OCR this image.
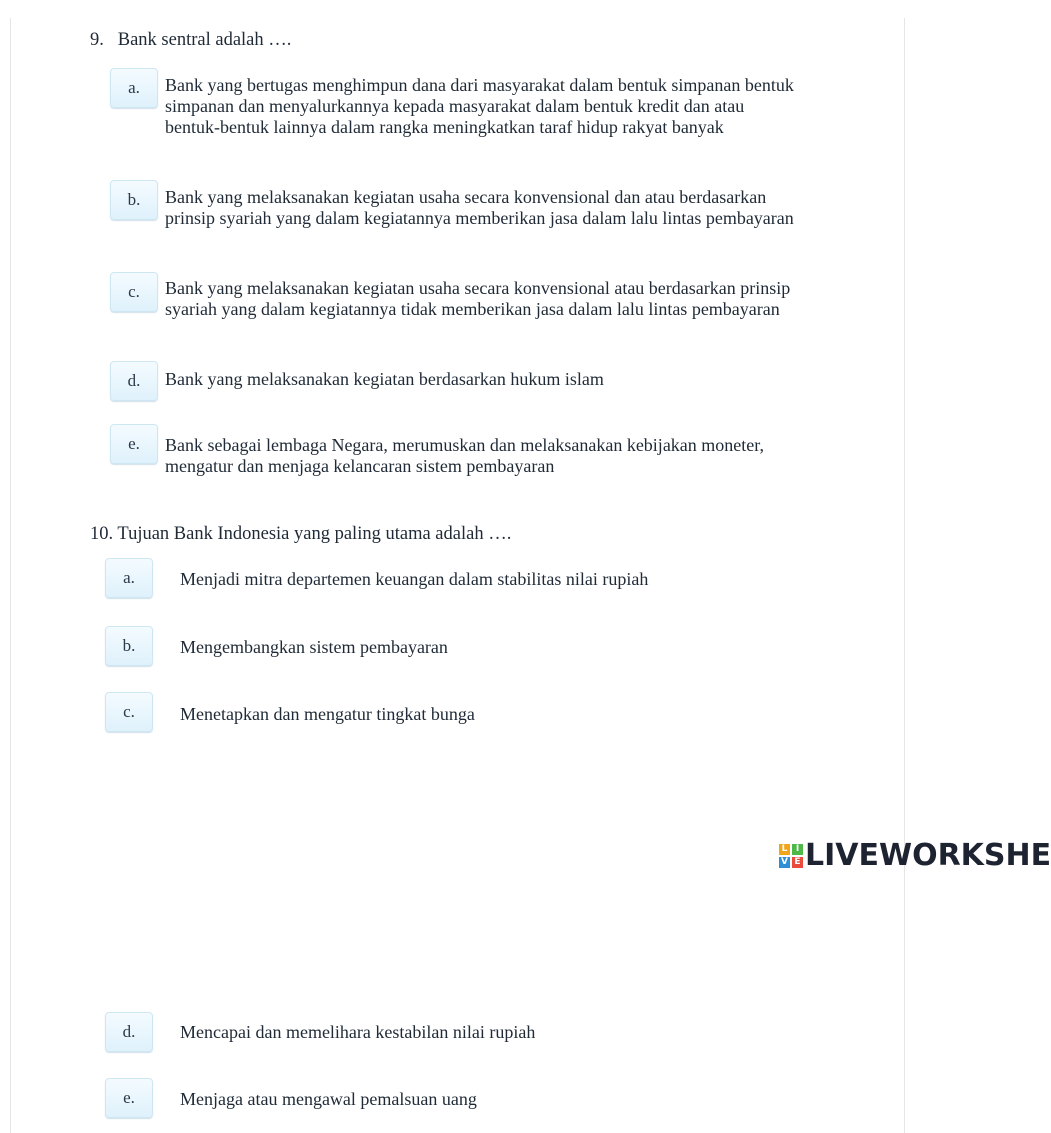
9.   Bank sentral adalah ….
a.	Bank yang bertugas menghimpun dana dari masyarakat dalam bentuk simpanan bentuk
simpanan dan menyalurkannya kepada masyarakat dalam bentuk kredit dan atau
bentuk-bentuk lainnya dalam rangka meningkatkan taraf hidup rakyat banyak
b.	Bank yang melaksanakan kegiatan usaha secara konvensional dan atau berdasarkan
prinsip syariah yang dalam kegiatannya memberikan jasa dalam lalu lintas pembayaran
c.	Bank yang melaksanakan kegiatan usaha secara konvensional atau berdasarkan prinsip
syariah yang dalam kegiatannya tidak memberikan jasa dalam lalu lintas pembayaran
d.	Bank yang melaksanakan kegiatan berdasarkan hukum islam
e.	Bank sebagai lembaga Negara, merumuskan dan melaksanakan kebijakan moneter,
mengatur dan menjaga kelancaran sistem pembayaran
10. Tujuan Bank Indonesia yang paling utama adalah ….
a.	Menjadi mitra departemen keuangan dalam stabilitas nilai rupiah
b.	Mengembangkan sistem pembayaran
c.	Menetapkan dan mengatur tingkat bunga
L I
V E LIVEWORKSHE
d.	Mencapai dan memelihara kestabilan nilai rupiah
e.	Menjaga atau mengawal pemalsuan uang
